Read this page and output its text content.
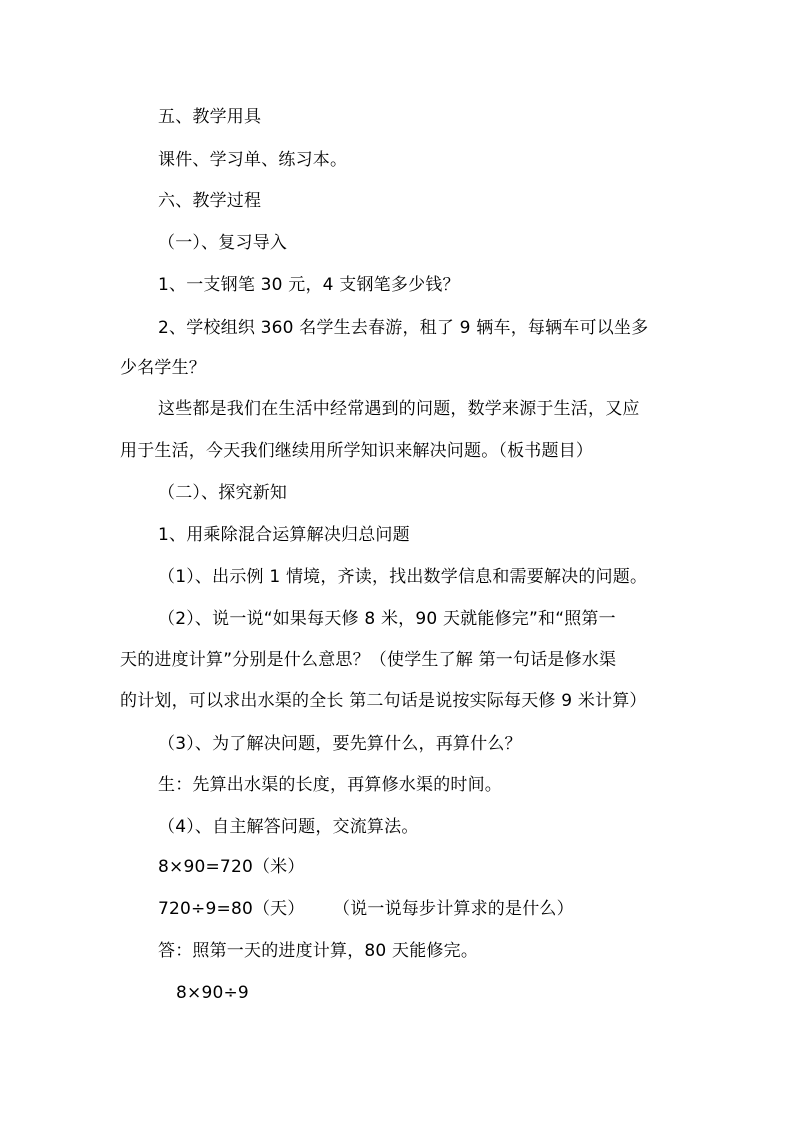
五、教学用具
课件、学习单、练习本。
六、教学过程
（一）、复习导入
1、一支钢笔 30 元，4 支钢笔多少钱？
2、学校组织 360 名学生去春游，租了 9 辆车，每辆车可以坐多
少名学生？
这些都是我们在生活中经常遇到的问题，数学来源于生活，又应
用于生活，今天我们继续用所学知识来解决问题。（板书题目）
（二）、探究新知
1、用乘除混合运算解决归总问题
（1）、出示例 1 情境，齐读，找出数学信息和需要解决的问题。
（2）、说一说“如果每天修 8 米，90 天就能修完”和“照第一
天的进度计算”分别是什么意思？（使学生了解 第一句话是修水渠
的计划，可以求出水渠的全长 第二句话是说按实际每天修 9 米计算）
（3）、为了解决问题，要先算什么，再算什么？
生：先算出水渠的长度，再算修水渠的时间。
（4）、自主解答问题，交流算法。
8×90=720（米）
720÷9=80（天） （说一说每步计算求的是什么）
答：照第一天的进度计算，80 天能修完。
8×90÷9
